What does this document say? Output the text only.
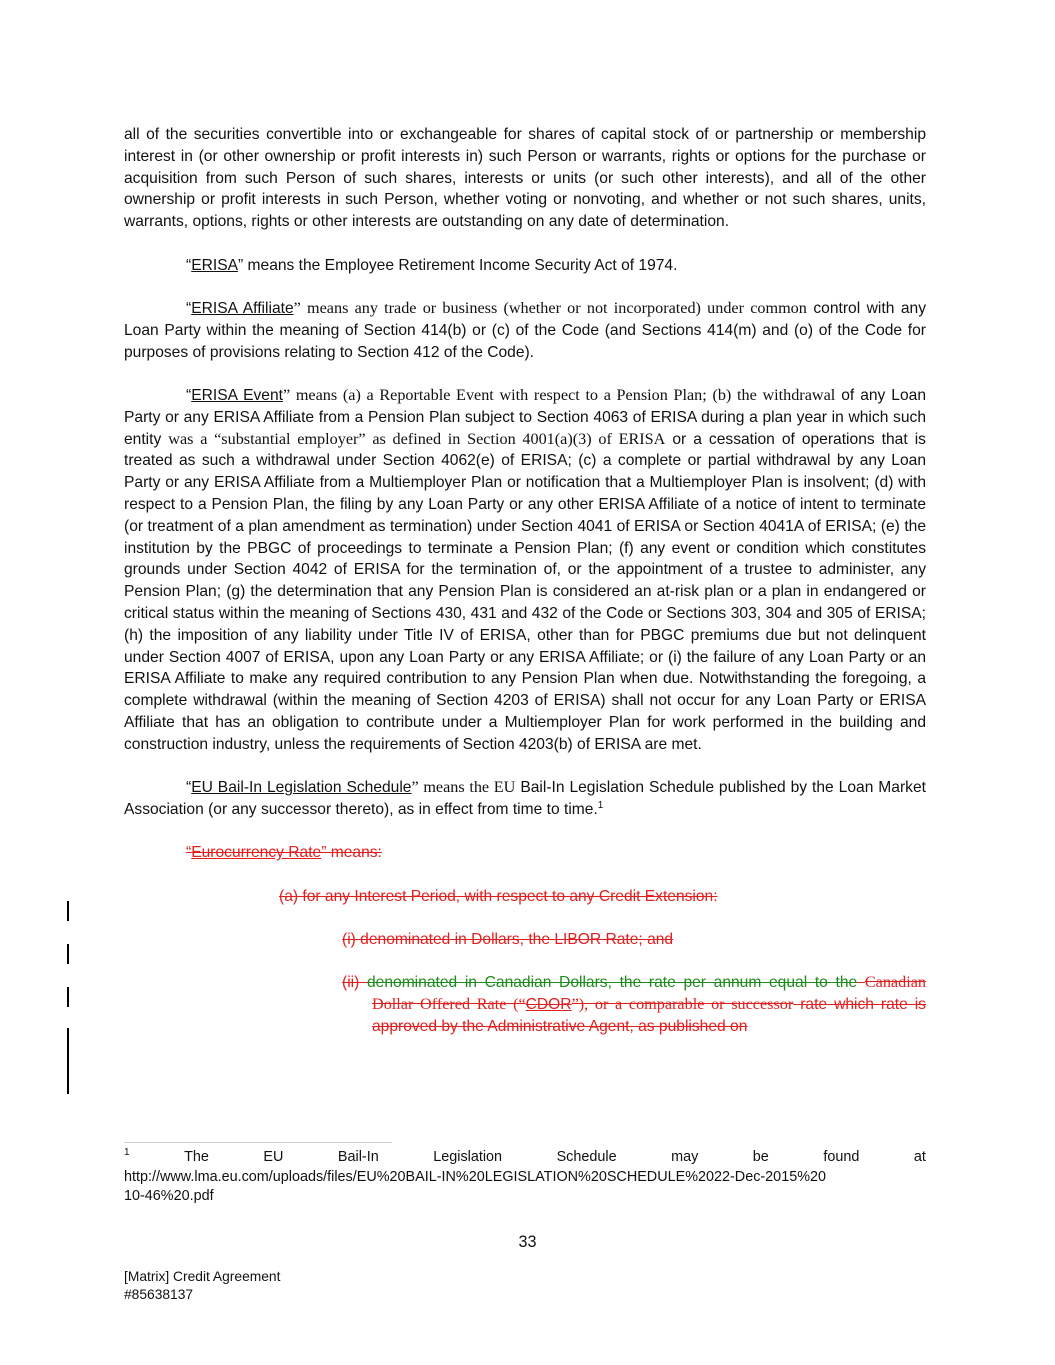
all of the securities convertible into or exchangeable for shares of capital stock of or partnership or membership interest in (or other ownership or profit interests in) such Person or warrants, rights or options for the purchase or acquisition from such Person of such shares, interests or units (or such other interests), and all of the other ownership or profit interests in such Person, whether voting or nonvoting, and whether or not such shares, units, warrants, options, rights or other interests are outstanding on any date of determination.

“ERISA” means the Employee Retirement Income Security Act of 1974.

“ERISA Affiliate” means any trade or business (whether or not incorporated) under common control with any Loan Party within the meaning of Section 414(b) or (c) of the Code (and Sections 414(m) and (o) of the Code for purposes of provisions relating to Section 412 of the Code).

“ERISA Event” means (a) a Reportable Event with respect to a Pension Plan; (b) the withdrawal of any Loan Party or any ERISA Affiliate from a Pension Plan subject to Section 4063 of ERISA during a plan year in which such entity was a “substantial employer” as defined in Section 4001(a)(3) of ERISA or a cessation of operations that is treated as such a withdrawal under Section 4062(e) of ERISA; (c) a complete or partial withdrawal by any Loan Party or any ERISA Affiliate from a Multiemployer Plan or notification that a Multiemployer Plan is insolvent; (d) with respect to a Pension Plan, the filing by any Loan Party or any other ERISA Affiliate of a notice of intent to terminate (or treatment of a plan amendment as termination) under Section 4041 of ERISA or Section 4041A of ERISA; (e) the institution by the PBGC of proceedings to terminate a Pension Plan; (f) any event or condition which constitutes grounds under Section 4042 of ERISA for the termination of, or the appointment of a trustee to administer, any Pension Plan; (g) the determination that any Pension Plan is considered an at-risk plan or a plan in endangered or critical status within the meaning of Sections 430, 431 and 432 of the Code or Sections 303, 304 and 305 of ERISA; (h) the imposition of any liability under Title IV of ERISA, other than for PBGC premiums due but not delinquent under Section 4007 of ERISA, upon any Loan Party or any ERISA Affiliate; or (i) the failure of any Loan Party or an ERISA Affiliate to make any required contribution to any Pension Plan when due. Notwithstanding the foregoing, a complete withdrawal (within the meaning of Section 4203 of ERISA) shall not occur for any Loan Party or ERISA Affiliate that has an obligation to contribute under a Multiemployer Plan for work performed in the building and construction industry, unless the requirements of Section 4203(b) of ERISA are met.

“EU Bail-In Legislation Schedule” means the EU Bail-In Legislation Schedule published by the Loan Market Association (or any successor thereto), as in effect from time to time.$^1$

“Eurocurrency Rate” means:

(a) for any Interest Period, with respect to any Credit Extension:

(i) denominated in Dollars, the LIBOR Rate; and

(ii) denominated in Canadian Dollars, the rate per annum equal to the Canadian Dollar Offered Rate (“CDOR”), or a comparable or successor rate which rate is approved by the Administrative Agent, as published on

$^1$	The	EU	Bail-In	Legislation	Schedule	may	be	found	at
http://www.lma.eu.com/uploads/files/EU%20BAIL-IN%20LEGISLATION%20SCHEDULE%2022-Dec-2015%20
10-46%20.pdf
33
[Matrix] Credit Agreement
#85638137
